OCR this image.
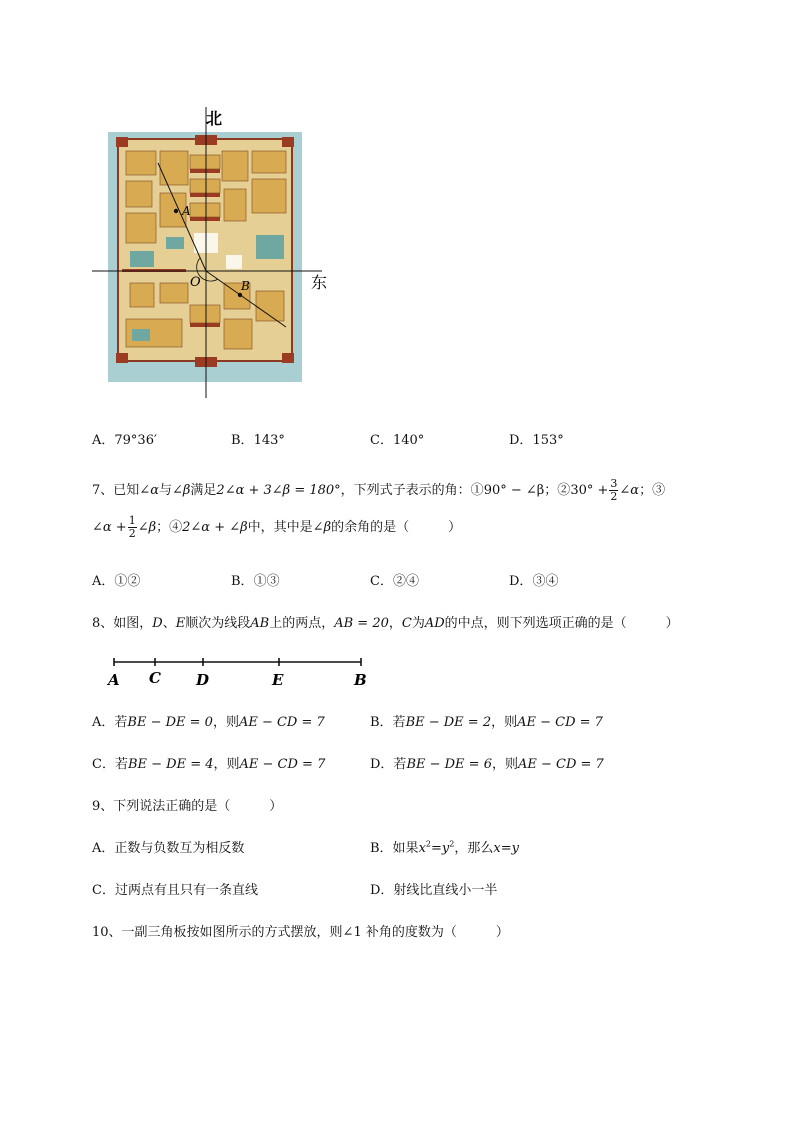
北
东
O
A
B
A．79°36′	B．143°	C．140°	D．153°
7、已知∠α与∠β满足2∠α + 3∠β = 180°，下列式子表示的角：①90° − ∠β；②30° + $\frac{3}{2}$ ∠α；③
∠α + $\frac{1}{2}$ ∠β；④2∠α + ∠β中，其中是∠β的余角的是（　　　）
A．①②	B．①③	C．②④	D．③④
8、如图，D、E顺次为线段AB上的两点，AB = 20，C为AD的中点，则下列选项正确的是（　　　）
A C D	E	B
A．若BE − DE = 0，则AE − CD = 7	B．若BE − DE = 2，则AE − CD = 7
C．若BE − DE = 4，则AE − CD = 7	D．若BE − DE = 6，则AE − CD = 7
9、下列说法正确的是（　　　）
A．正数与负数互为相反数	B．如果$x^2=y^2$，那么x=y
C．过两点有且只有一条直线	D．射线比直线小一半
10、一副三角板按如图所示的方式摆放，则∠1 补角的度数为（　　　）
